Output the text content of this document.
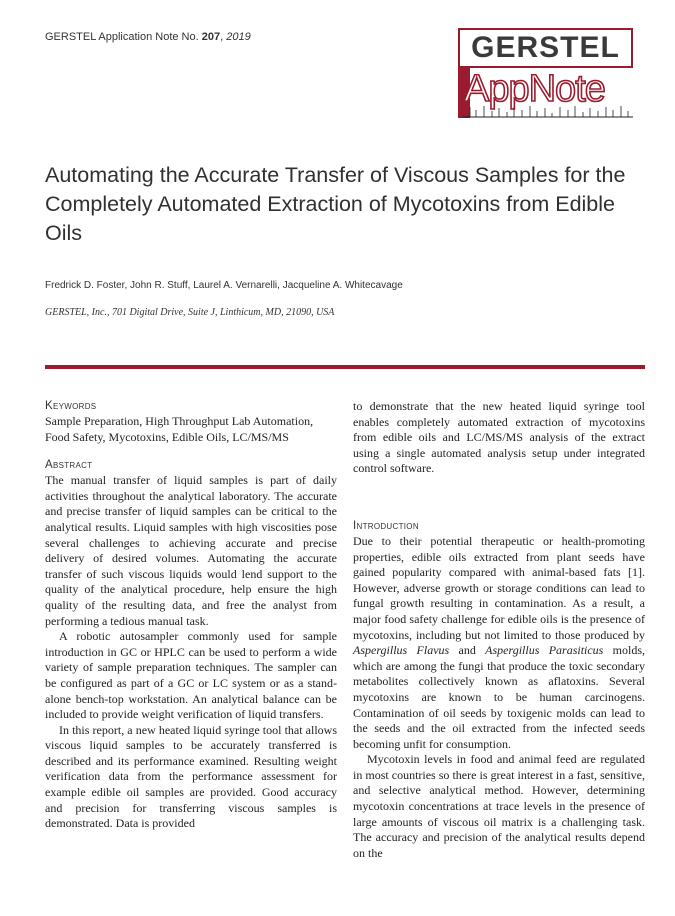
GERSTEL Application Note No. 207, 2019	GERSTEL
AppNote
Automating the Accurate Transfer of Viscous Samples for the Completely Automated Extraction of Mycotoxins from Edible Oils
Fredrick D. Foster, John R. Stuff, Laurel A. Vernarelli, Jacqueline A. Whitecavage
GERSTEL, Inc., 701 Digital Drive, Suite J, Linthicum, MD, 21090, USA
Keywords

Sample Preparation, High Throughput Lab Automation, Food Safety, Mycotoxins, Edible Oils, LC/MS/MS

Abstract

The manual transfer of liquid samples is part of daily activities throughout the analytical laboratory. The accurate and precise transfer of liquid samples can be critical to the analytical results. Liquid samples with high viscosities pose several challenges to achieving accurate and precise delivery of desired volumes. Automating the accurate transfer of such viscous liquids would lend support to the quality of the analytical procedure, help ensure the high quality of the resulting data, and free the analyst from performing a tedious manual task.

A robotic autosampler commonly used for sample introduction in GC or HPLC can be used to perform a wide variety of sample preparation techniques. The sampler can be configured as part of a GC or LC system or as a stand-alone bench-top workstation. An analytical balance can be included to provide weight verification of liquid transfers.

In this report, a new heated liquid syringe tool that allows viscous liquid samples to be accurately transferred is described and its performance examined. Resulting weight verification data from the performance assessment for example edible oil samples are provided. Good accuracy and precision for transferring viscous samples is demonstrated. Data is provided

to demonstrate that the new heated liquid syringe tool enables completely automated extraction of mycotoxins from edible oils and LC/MS/MS analysis of the extract using a single automated analysis setup under integrated control software.

Introduction

Due to their potential therapeutic or health-promoting properties, edible oils extracted from plant seeds have gained popularity compared with animal-based fats [1]. However, adverse growth or storage conditions can lead to fungal growth resulting in contamination. As a result, a major food safety challenge for edible oils is the presence of mycotoxins, including but not limited to those produced by Aspergillus Flavus and Aspergillus Parasiticus molds, which are among the fungi that produce the toxic secondary metabolites collectively known as aflatoxins. Several mycotoxins are known to be human carcinogens. Contamination of oil seeds by toxigenic molds can lead to the seeds and the oil extracted from the infected seeds becoming unfit for consumption.

Mycotoxin levels in food and animal feed are regulated in most countries so there is great interest in a fast, sensitive, and selective analytical method. However, determining mycotoxin concentrations at trace levels in the presence of large amounts of viscous oil matrix is a challenging task. The accuracy and precision of the analytical results depend on the
